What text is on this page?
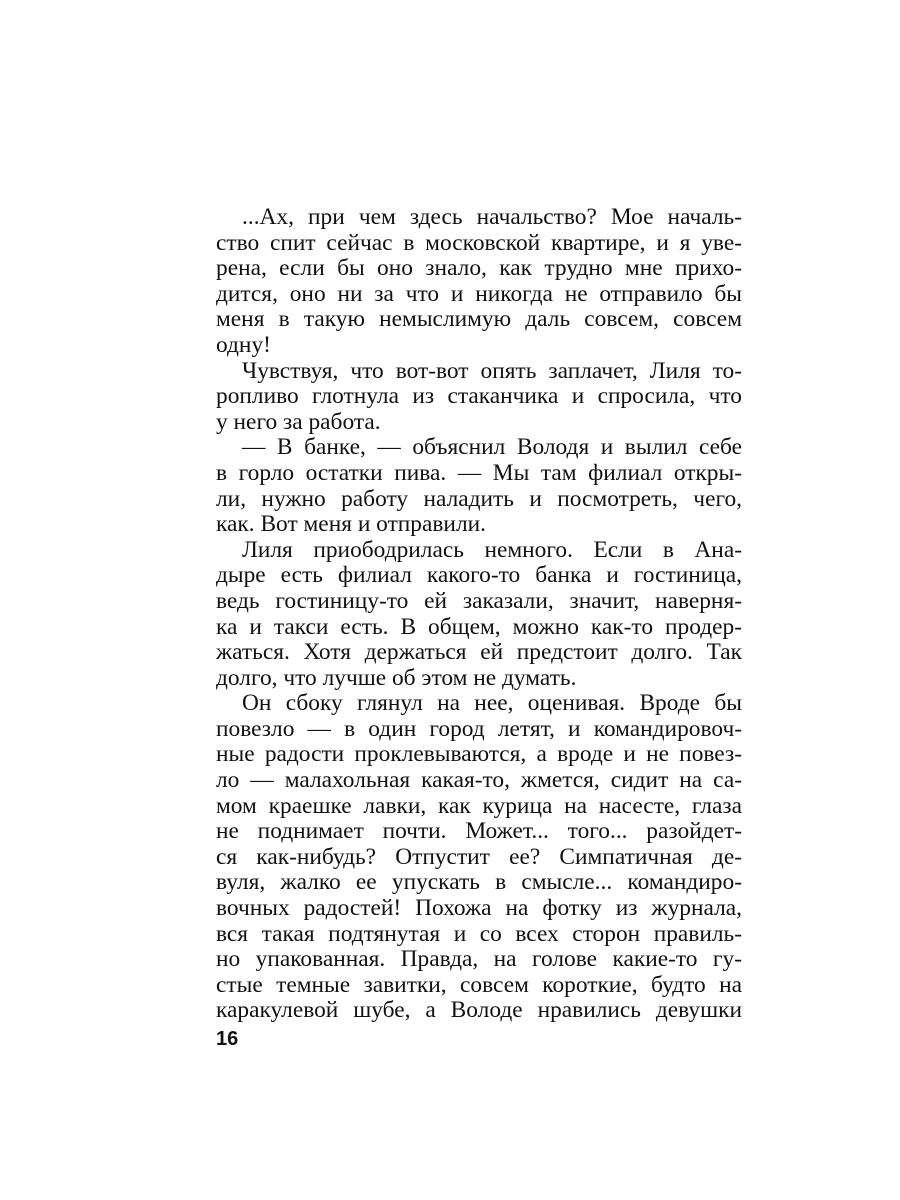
...Ах, при чем здесь начальство? Мое началь-
ство спит сейчас в московской квартире, и я уве-
рена, если бы оно знало, как трудно мне прихо-
дится, оно ни за что и никогда не отправило бы
меня в такую немыслимую даль совсем, совсем
одну!

Чувствуя, что вот-вот опять заплачет, Лиля то-
ропливо глотнула из стаканчика и спросила, что
у него за работа.

— В банке, — объяснил Володя и вылил себе
в горло остатки пива. — Мы там филиал откры-
ли, нужно работу наладить и посмотреть, чего,
как. Вот меня и отправили.

Лиля приободрилась немного. Если в Ана-
дыре есть филиал какого-то банка и гостиница,
ведь гостиницу-то ей заказали, значит, наверня-
ка и такси есть. В общем, можно как-то продер-
жаться. Хотя держаться ей предстоит долго. Так
долго, что лучше об этом не думать.

Он сбоку глянул на нее, оценивая. Вроде бы
повезло — в один город летят, и командировоч-
ные радости проклевываются, а вроде и не повез-
ло — малахольная какая-то, жмется, сидит на са-
мом краешке лавки, как курица на насесте, глаза
не поднимает почти. Может... того... разойдет-
ся как-нибудь? Отпустит ее? Симпатичная де-
вуля, жалко ее упускать в смысле... командиро-
вочных радостей! Похожа на фотку из журнала,
вся такая подтянутая и со всех сторон правиль-
но упакованная. Правда, на голове какие-то гу-
стые темные завитки, совсем короткие, будто на
каракулевой шубе, а Володе нравились девушки

16
